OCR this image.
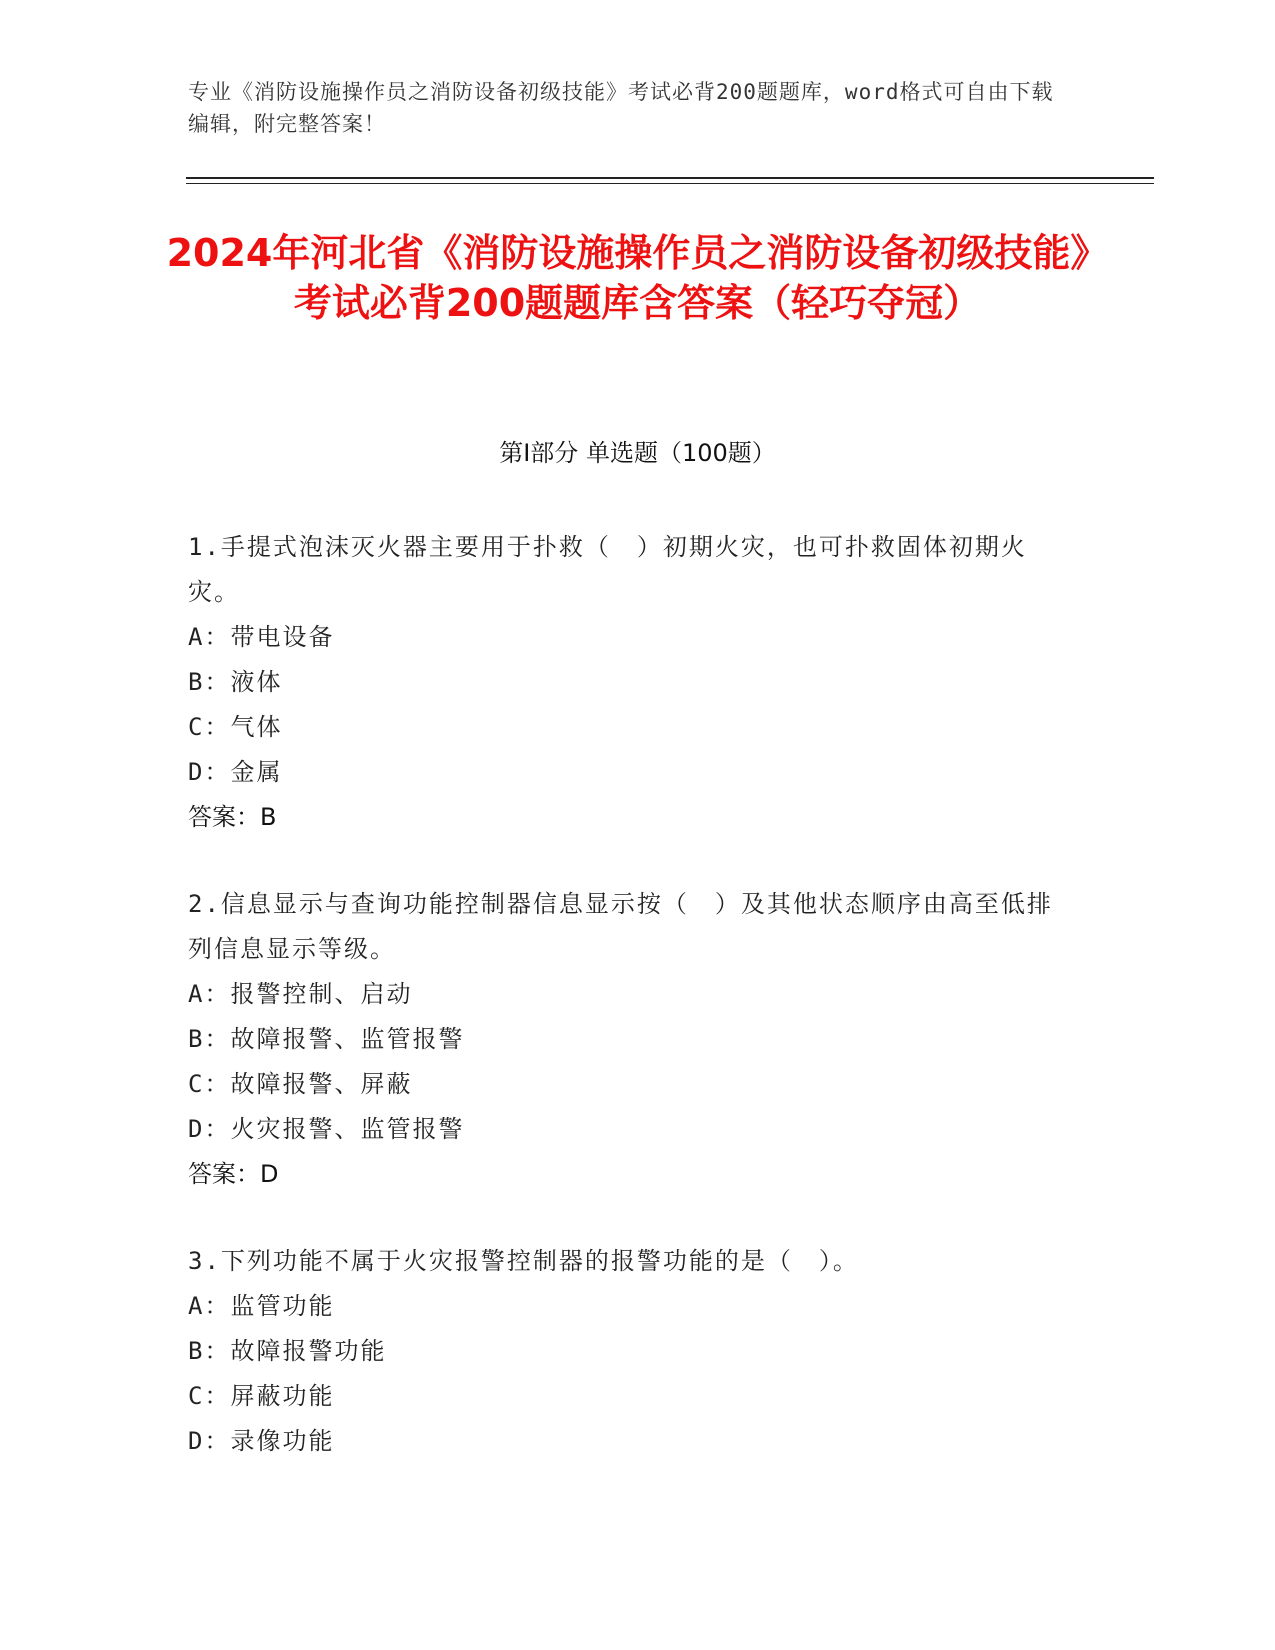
专业《消防设施操作员之消防设备初级技能》考试必背200题题库，word格式可自由下载编辑，附完整答案！
2024年河北省《消防设施操作员之消防设备初级技能》考试必背200题题库含答案（轻巧夺冠）
第Ⅰ部分 单选题（100题）
1.手提式泡沫灭火器主要用于扑救（　）初期火灾，也可扑救固体初期火灾。
A：带电设备
B：液体
C：气体
D：金属
答案：B
2.信息显示与查询功能控制器信息显示按（　）及其他状态顺序由高至低排列信息显示等级。
A：报警控制、启动
B：故障报警、监管报警
C：故障报警、屏蔽
D：火灾报警、监管报警
答案：D
3.下列功能不属于火灾报警控制器的报警功能的是（　）。
A：监管功能
B：故障报警功能
C：屏蔽功能
D：录像功能
